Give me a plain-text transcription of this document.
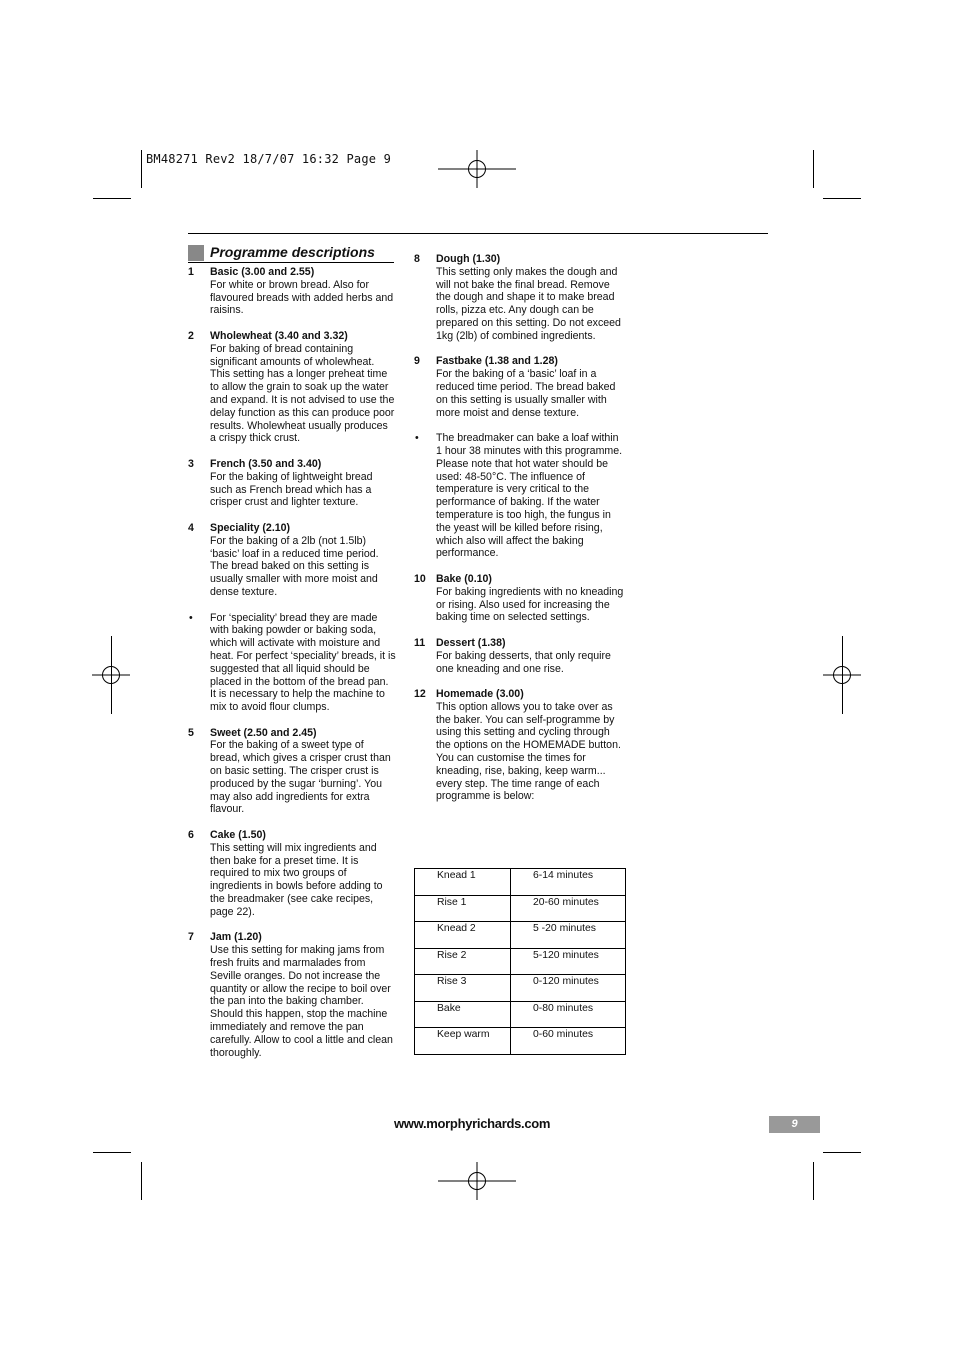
BM48271 Rev2 18/7/07 16:32 Page 9
Programme descriptions
1 Basic (3.00 and 2.55)
For white or brown bread. Also for flavoured breads with added herbs and raisins.
2 Wholewheat (3.40 and 3.32)
For baking of bread containing significant amounts of wholewheat. This setting has a longer preheat time to allow the grain to soak up the water and expand. It is not advised to use the delay function as this can produce poor results. Wholewheat usually produces a crispy thick crust.
3 French (3.50 and 3.40)
For the baking of lightweight bread such as French bread which has a crisper crust and lighter texture.
4 Speciality (2.10)
For the baking of a 2lb (not 1.5lb) ‘basic’ loaf in a reduced time period. The bread baked on this setting is usually smaller with more moist and dense texture.
• For ‘speciality’ bread they are made with baking powder or baking soda, which will activate with moisture and heat. For perfect ‘speciality’ breads, it is suggested that all liquid should be placed in the bottom of the bread pan. It is necessary to help the machine to mix to avoid flour clumps.
5 Sweet (2.50 and 2.45)
For the baking of a sweet type of bread, which gives a crisper crust than on basic setting. The crisper crust is produced by the sugar ‘burning’. You may also add ingredients for extra flavour.
6 Cake (1.50)
This setting will mix ingredients and then bake for a preset time. It is required to mix two groups of ingredients in bowls before adding to the breadmaker (see cake recipes, page 22).
7 Jam (1.20)
Use this setting for making jams from fresh fruits and marmalades from Seville oranges. Do not increase the quantity or allow the recipe to boil over the pan into the baking chamber. Should this happen, stop the machine immediately and remove the pan carefully. Allow to cool a little and clean thoroughly.
8 Dough (1.30)
This setting only makes the dough and will not bake the final bread. Remove the dough and shape it to make bread rolls, pizza etc. Any dough can be prepared on this setting. Do not exceed 1kg (2lb) of combined ingredients.
9 Fastbake (1.38 and 1.28)
For the baking of a ‘basic’ loaf in a reduced time period. The bread baked on this setting is usually smaller with more moist and dense texture.
• The breadmaker can bake a loaf within 1 hour 38 minutes with this programme. Please note that hot water should be used: 48-50°C. The influence of temperature is very critical to the performance of baking. If the water temperature is too high, the fungus in the yeast will be killed before rising, which also will affect the baking performance.
10 Bake (0.10)
For baking ingredients with no kneading or rising. Also used for increasing the baking time on selected settings.
11 Dessert (1.38)
For baking desserts, that only require one kneading and one rise.
12 Homemade (3.00)
This option allows you to take over as the baker. You can self-programme by using this setting and cycling through the options on the HOMEMADE button. You can customise the times for kneading, rise, baking, keep warm... every step. The time range of each programme is below:
Knead 1	6-14 minutes
Rise 1	20-60 minutes
Knead 2	5 -20 minutes
Rise 2	5-120 minutes
Rise 3	0-120 minutes
Bake	0-80 minutes
Keep warm	0-60 minutes
www.morphyrichards.com	9
